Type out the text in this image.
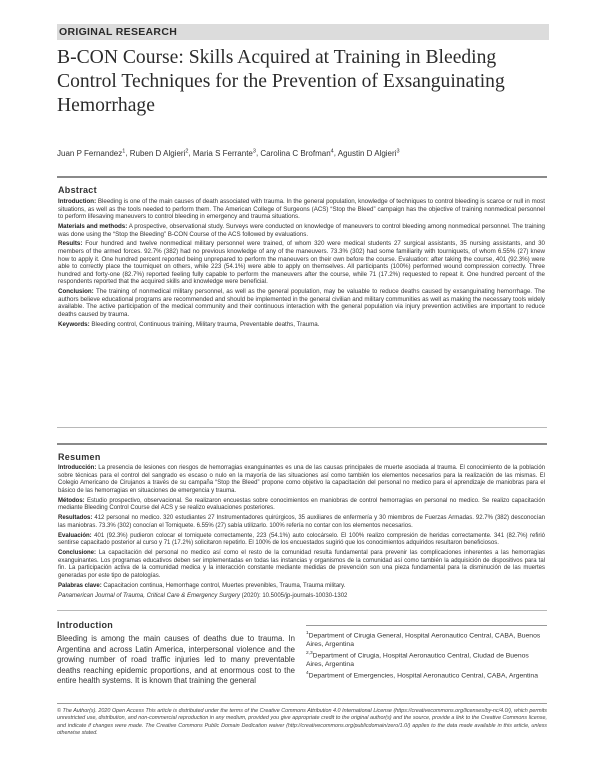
ORIGINAL RESEARCH
B-CON Course: Skills Acquired at Training in Bleeding Control Techniques for the Prevention of Exsanguinating Hemorrhage
Juan P Fernandez$^1$, Ruben D Algieri$^2$, Maria S Ferrante$^3$, Carolina C Brofman$^4$, Agustin D Algieri$^3$
Abstract

Introduction: Bleeding is one of the main causes of death associated with trauma. In the general population, knowledge of techniques to control bleeding is scarce or null in most situations, as well as the tools needed to perform them. The American College of Surgeons (ACS) “Stop the Bleed” campaign has the objective of training nonmedical personnel to perform lifesaving maneuvers to control bleeding in emergency and trauma situations.

Materials and methods: A prospective, observational study. Surveys were conducted on knowledge of maneuvers to control bleeding among nonmedical personnel. The training was done using the “Stop the Bleeding” B-CON Course of the ACS followed by evaluations.

Results: Four hundred and twelve nonmedical military personnel were trained, of whom 320 were medical students 27 surgical assistants, 35 nursing assistants, and 30 members of the armed forces. 92.7% (382) had no previous knowledge of any of the maneuvers. 73.3% (302) had some familiarity with tourniquets, of whom 6.55% (27) knew how to apply it. One hundred percent reported being unprepared to perform the maneuvers on their own before the course. Evaluation: after taking the course, 401 (92.3%) were able to correctly place the tourniquet on others, while 223 (54.1%) were able to apply on themselves. All participants (100%) performed wound compression correctly. Three hundred and forty-one (82.7%) reported feeling fully capable to perform the maneuvers after the course, while 71 (17.2%) requested to repeat it. One hundred percent of the respondents reported that the acquired skills and knowledge were beneficial.

Conclusion: The training of nonmedical military personnel, as well as the general population, may be valuable to reduce deaths caused by exsanguinating hemorrhage. The authors believe educational programs are recommended and should be implemented in the general civilian and military communities as well as making the necessary tools widely available. The active participation of the medical community and their continuous interaction with the general population via injury prevention activities are important to reduce deaths caused by trauma.

Keywords: Bleeding control, Continuous training, Military trauma, Preventable deaths, Trauma.

Resumen

Introducción: La presencia de lesiones con riesgos de hemorragias exanguinantes es una de las causas principales de muerte asociada al trauma. El conocimiento de la población sobre técnicas para el control del sangrado es escaso o nulo en la mayoría de las situaciones así como también los elementos necesarios para la realización de las mismas. El Colegio Americano de Cirujanos a través de su campaña “Stop the Bleed” propone como objetivo la capacitación del personal no medico para el aprendizaje de maniobras para el básico de las hemorragias en situaciones de emergencia y trauma.

Métodos: Estudio prospectivo, observacional. Se realizaron encuestas sobre conocimientos en maniobras de control hemorragias en personal no medico. Se realizo capacitación mediante Bleeding Control Course del ACS y se realizo evaluaciones posteriores.

Resultados: 412 personal no medico. 320 estudiantes 27 Instrumentadores quirúrgicos, 35 auxiliares de enfermería y 30 miembros de Fuerzas Armadas. 92.7% (382) desconocían las maniobras. 73.3% (302) conocían el Torniquete. 6.55% (27) sabía utilizarlo. 100% refería no contar con los elementos necesarios.

Evaluación: 401 (92.3%) pudieron colocar el torniquete correctamente, 223 (54.1%) auto colocárselo. El 100% realizo compresión de heridas correctamente. 341 (82.7%) refirió sentirse capacitado posterior al curso y 71 (17.2%) solicitaron repetirlo. El 100% de los encuestados sugirió que los conocimientos adquiridos resultaron beneficiosos.

Conclusione: La capacitación del personal no medico así como el resto de la comunidad resulta fundamental para prevenir las complicaciones inherentes a las hemorragias exanguinantes. Los programas educativos deben ser implementadas en todas las instancias y organismos de la comunidad así como también la adquisición de dispositivos para tal fin. La participación activa de la comunidad medica y la interacción constante mediante medidas de prevención son una pieza fundamental para la disminución de las muertes generadas por este tipo de patologías.

Palabras clave: Capacitacion continua, Hemorrhage control, Muertes prevenibles, Trauma, Trauma military.

Panamerican Journal of Trauma, Critical Care & Emergency Surgery (2020): 10.5005/jp-journals-10030-1302

Introduction
Bleeding is among the main causes of deaths due to trauma. In Argentina and across Latin America, interpersonal violence and the growing number of road traffic injuries led to many preventable deaths reaching epidemic proportions, and at enormous cost to the entire health systems. It is known that training the general
$^1$Department of Cirugia General, Hospital Aeronautico Central, CABA, Buenos Aires, Argentina
$^{2,3}$Department of Cirugia, Hospital Aeronautico Central, Ciudad de Buenos Aires, Argentina
$^4$Department of Emergencies, Hospital Aeronautico Central, CABA, Argentina
© The Author(s). 2020 Open Access This article is distributed under the terms of the Creative Commons Attribution 4.0 International License (https://creativecommons.org/licenses/by-nc/4.0/), which permits unrestricted use, distribution, and non-commercial reproduction in any medium, provided you give appropriate credit to the original author(s) and the source, provide a link to the Creative Commons license, and indicate if changes were made. The Creative Commons Public Domain Dedication waiver (http://creativecommons.org/publicdomain/zero/1.0/) applies to the data made available in this article, unless otherwise stated.
